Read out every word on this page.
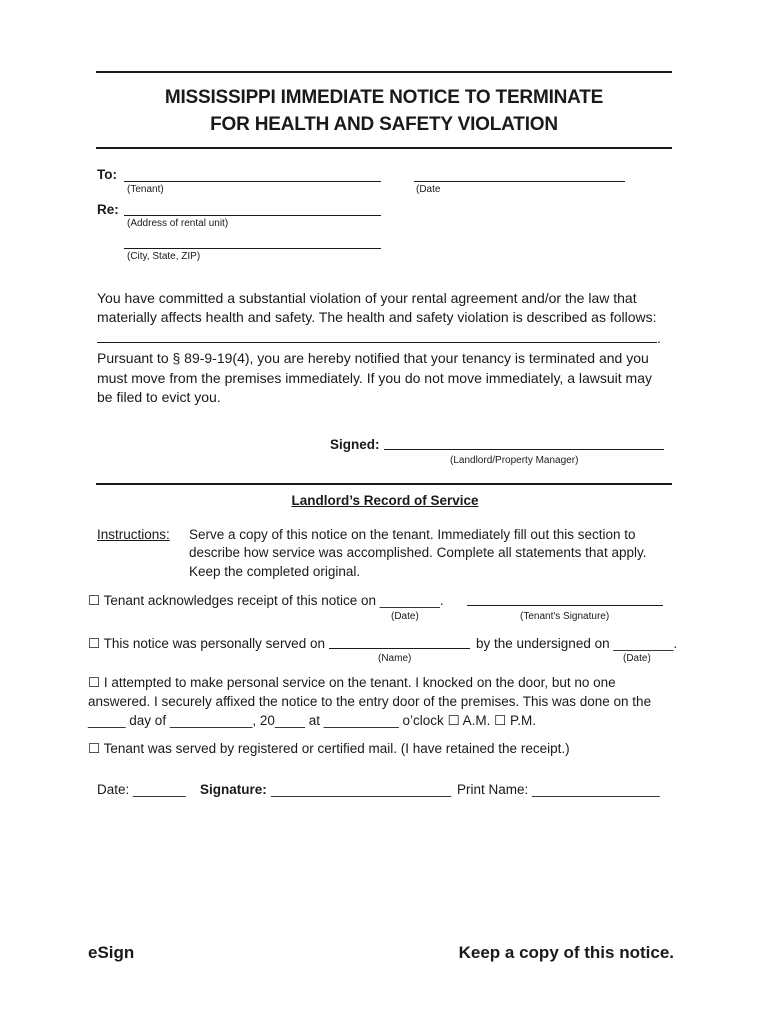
MISSISSIPPI IMMEDIATE NOTICE TO TERMINATE
FOR HEALTH AND SAFETY VIOLATION
To:
(Tenant)	(Date
Re:
(Address of rental unit)
(City, State, ZIP)
You have committed a substantial violation of your rental agreement and/or the law that
materially affects health and safety. The health and safety violation is described as follows:
.
Pursuant to § 89-9-19(4), you are hereby notified that your tenancy is terminated and you
must move from the premises immediately. If you do not move immediately, a lawsuit may
be filed to evict you.
Signed:
(Landlord/Property Manager)
Landlord’s Record of Service
Instructions: Serve a copy of this notice on the tenant. Immediately fill out this section to
describe how service was accomplished. Complete all statements that apply.
Keep the completed original.
☐ Tenant acknowledges receipt of this notice on ________.
(Date)	(Tenant's Signature)
☐ This notice was personally served on	by the undersigned on ________.
(Name)	(Date)
☐ I attempted to make personal service on the tenant. I knocked on the door, but no one
answered. I securely affixed the notice to the entry door of the premises. This was done on the
_____ day of ___________, 20____ at __________ o’clock ☐ A.M. ☐ P.M.
☐ Tenant was served by registered or certified mail. (I have retained the receipt.)
Date: _______ Signature: ________________________ Print Name: _________________
eSign	Keep a copy of this notice.
